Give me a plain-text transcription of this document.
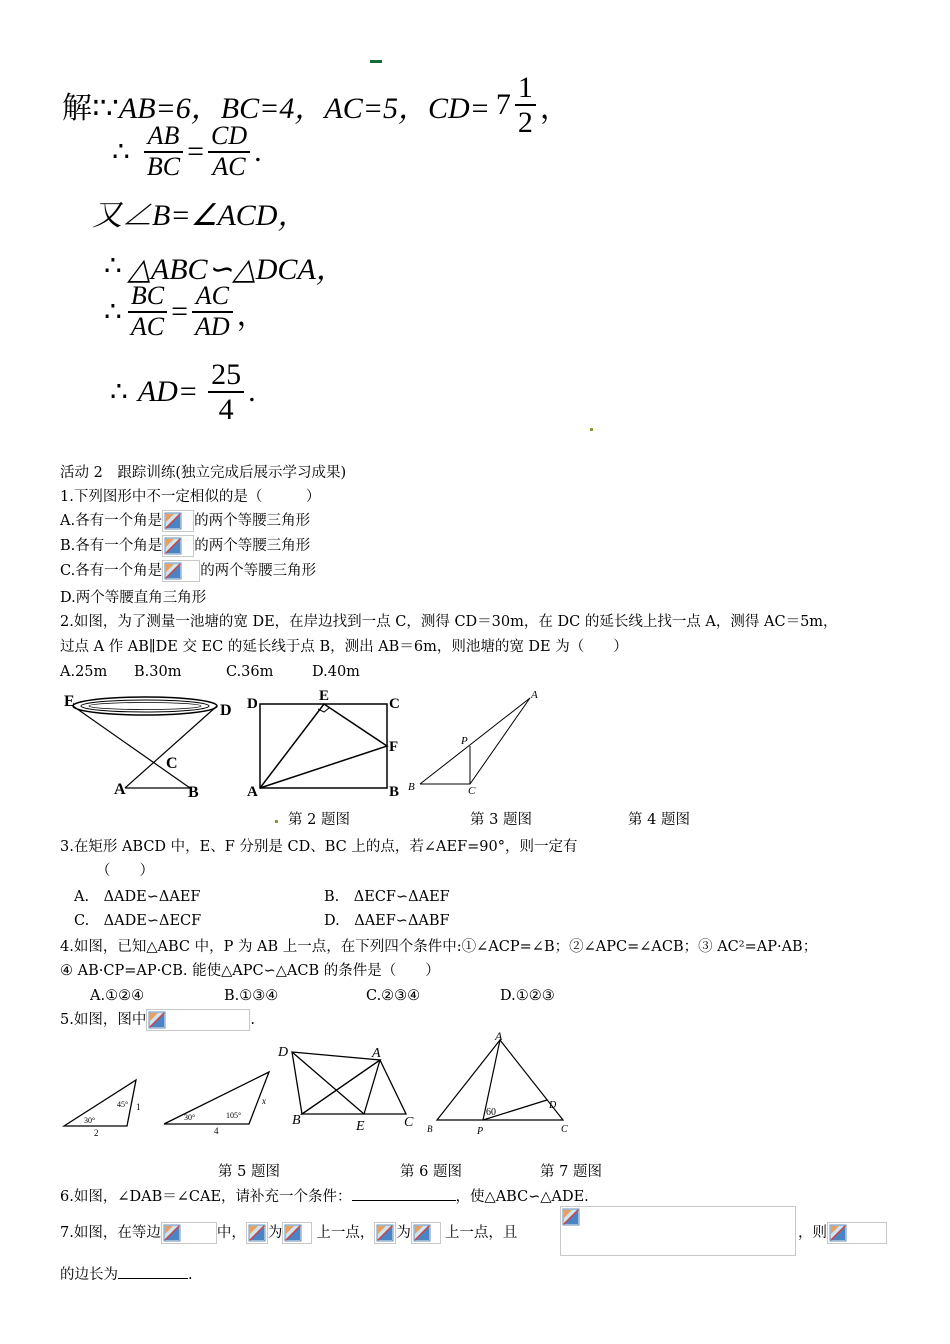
解∶∵ AB=6，BC=4，AC=5，$CD= 7 \frac{1}{2}$ ，
∴ $\frac{AB}{BC} = \frac{CD}{AC}$ .
又∠B=∠ACD，
∴ △ABC∽△DCA，
∴ $\frac{BC}{AC} = \frac{AC}{AD}$ ，
∴ $AD= \frac{25}{4}$ .
活动 2　跟踪训练(独立完成后展示学习成果)
1.下列图形中不一定相似的是（　　　）
A.各有一个角是 的两个等腰三角形
B.各有一个角是 的两个等腰三角形
C.各有一个角是	的两个等腰三角形
D.两个等腰直角三角形
2.如图，为了测量一池塘的宽 DE，在岸边找到一点 C，测得 CD＝30m，在 DC 的延长线上找一点 A，测得 AC＝5m，
过点 A 作 AB∥DE 交 EC 的延长线于点 B，测出 AB＝6m，则池塘的宽 DE 为（　　）
A.25m B.30m	C.36m	D.40m
E
D
C
A	B
D	E	C
F
A	B
A
P
B	C
第 2 题图	第 3 题图	第 4 题图
3.在矩形 ABCD 中，E、F 分别是 CD、BC 上的点，若∠AEF=90°，则一定有
（　　）
A.　ΔADE∽ΔAEF	B.　ΔECF∽ΔAEF
C.　ΔADE∽ΔECF	D.　ΔAEF∽ΔABF
4.如图，已知△ABC 中，P 为 AB 上一点，在下列四个条件中:①∠ACP=∠B；②∠APC=∠ACB；③ AC²=AP·AB；
④ AB·CP=AP·CB. 能使△APC∽△ACB 的条件是（　　）
A.①②④	B.①③④	C.②③④	D.①②③
5.如图，图中	.
45° 1
30°
2
30°	105°
x
4
D	A
B	E	C
A
D
60
B	P	C
第 5 题图	第 6 题图	第 7 题图
6.如图，∠DAB＝∠CAE，请补充一个条件：	，使△ABC∽△ADE.
7.如图，在等边	中， 为 上一点， 为 上一点，且	，则
的边长为	.
